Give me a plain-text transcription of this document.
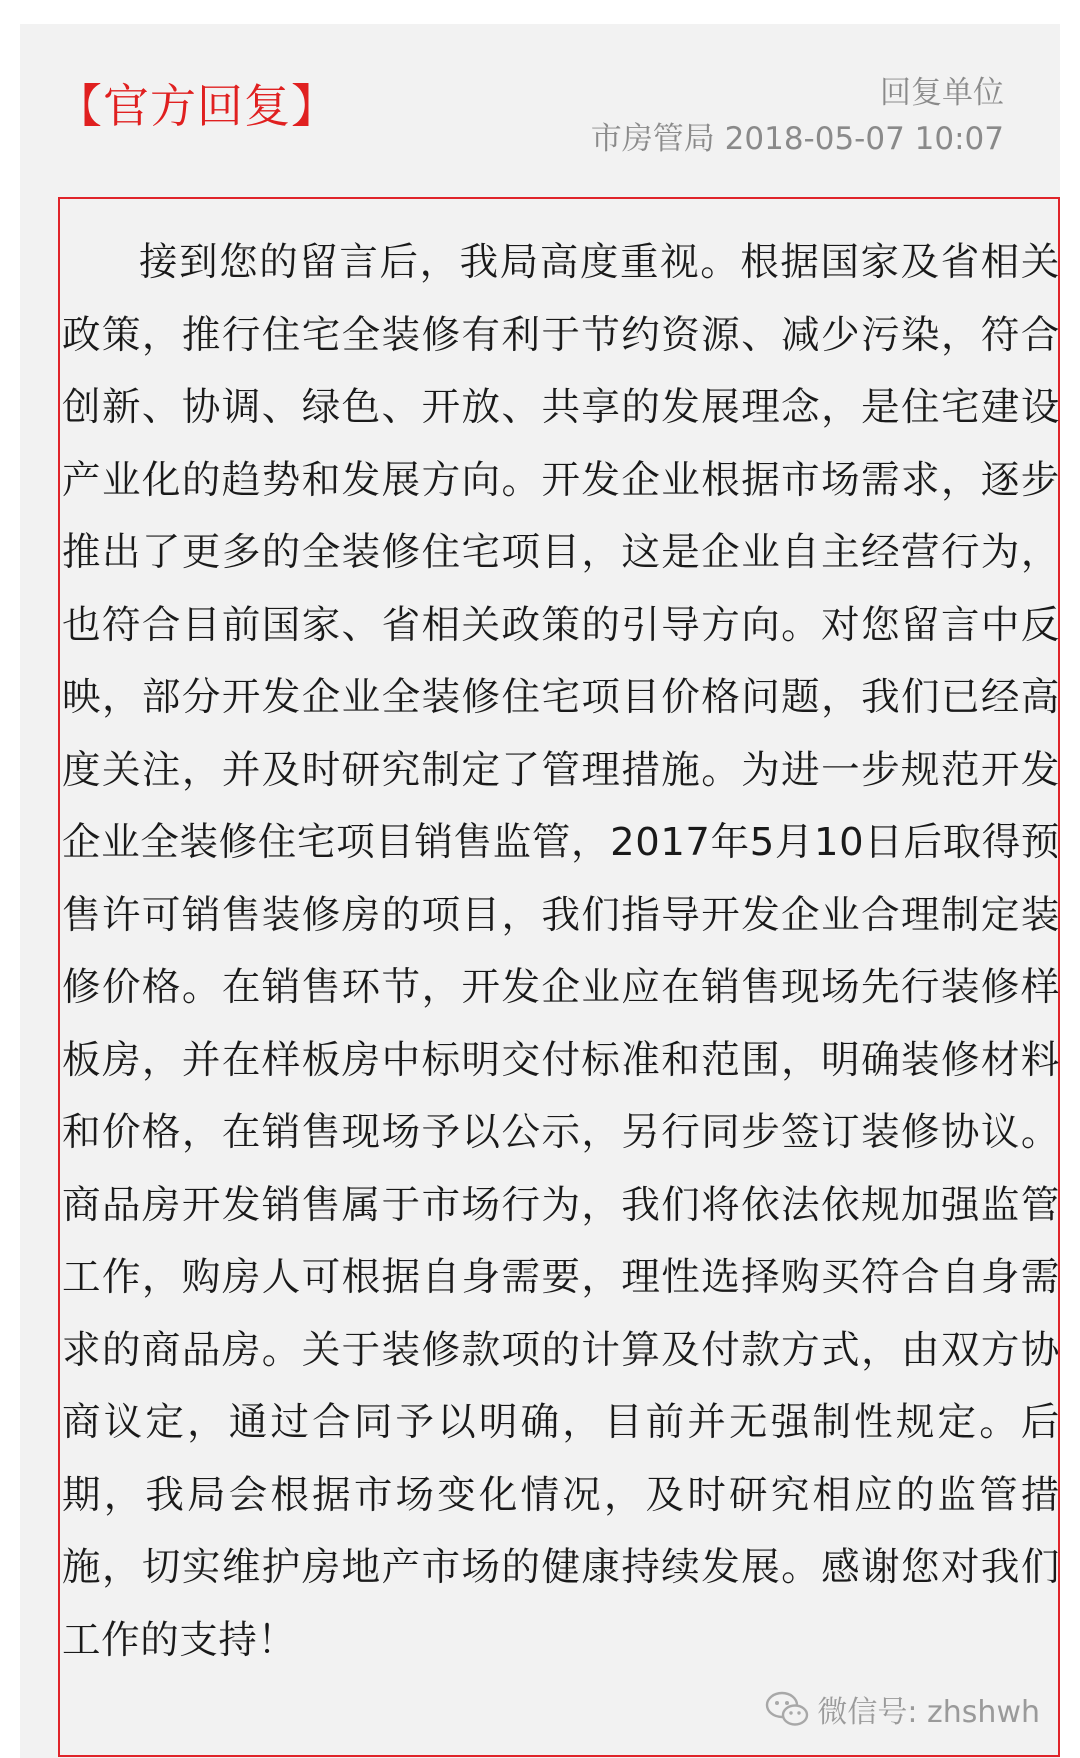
【官方回复】	回复单位
市房管局 2018-05-07 10:07
接到您的留言后，我局高度重视。根据国家及省相关政策，推行住宅全装修有利于节约资源、减少污染，符合创新、协调、绿色、开放、共享的发展理念，是住宅建设产业化的趋势和发展方向。开发企业根据市场需求，逐步推出了更多的全装修住宅项目，这是企业自主经营行为，也符合目前国家、省相关政策的引导方向。对您留言中反映，部分开发企业全装修住宅项目价格问题，我们已经高度关注，并及时研究制定了管理措施。为进一步规范开发企业全装修住宅项目销售监管，2017年5月10日后取得预售许可销售装修房的项目，我们指导开发企业合理制定装修价格。在销售环节，开发企业应在销售现场先行装修样板房，并在样板房中标明交付标准和范围，明确装修材料和价格，在销售现场予以公示，另行同步签订装修协议。商品房开发销售属于市场行为，我们将依法依规加强监管工作，购房人可根据自身需要，理性选择购买符合自身需求的商品房。关于装修款项的计算及付款方式，由双方协商议定，通过合同予以明确，目前并无强制性规定。后期，我局会根据市场变化情况，及时研究相应的监管措施，切实维护房地产市场的健康持续发展。感谢您对我们工作的支持！
微信号: zhshwh
